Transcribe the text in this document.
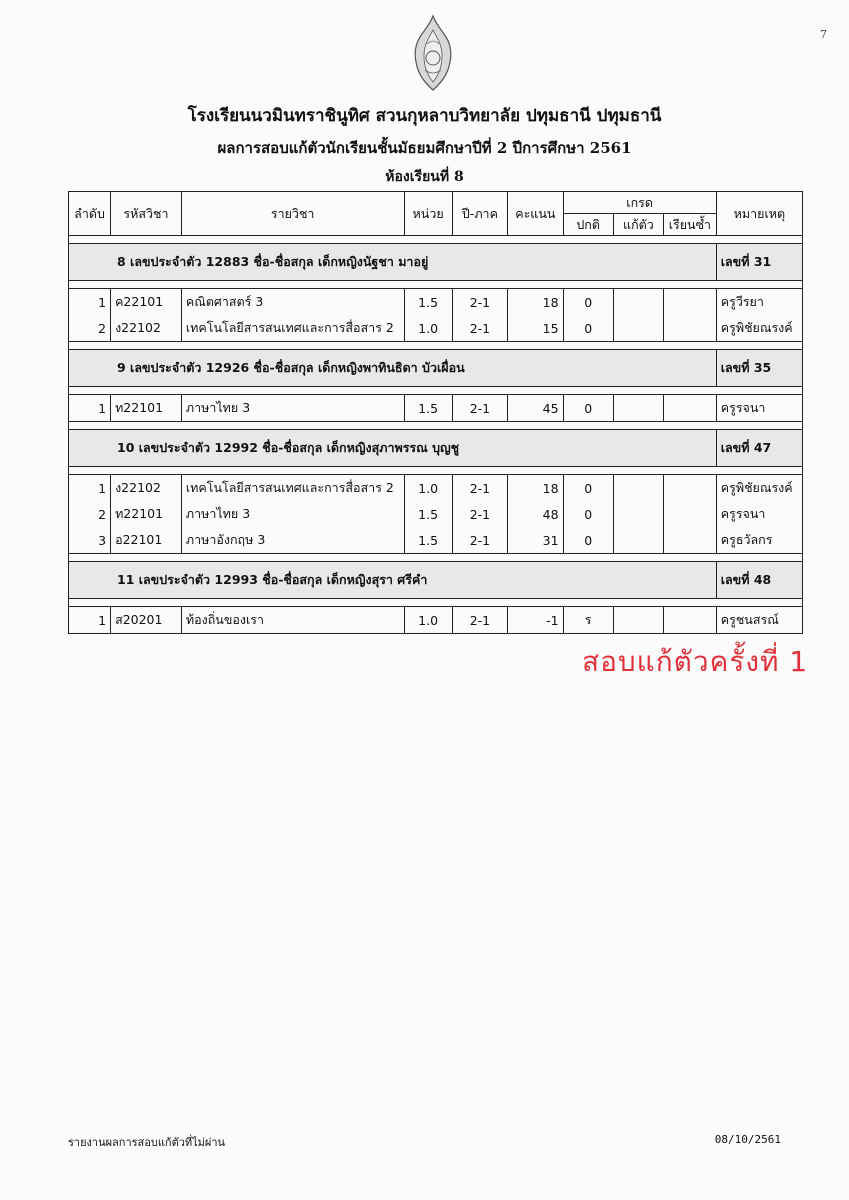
7
โรงเรียนนวมินทราชินูทิศ สวนกุหลาบวิทยาลัย ปทุมธานี ปทุมธานี
ผลการสอบแก้ตัวนักเรียนชั้นมัธยมศึกษาปีที่ 2 ปีการศึกษา 2561
ห้องเรียนที่ 8
ลำดับ	รหัสวิชา	รายวิชา	หน่วย	ปี-ภาค	คะแนน	เกรด			หมายเหตุ
						ปกติ	แก้ตัว	เรียนซ้ำ	

8 เลขประจำตัว 12883 ชื่อ-ชื่อสกุล เด็กหญิงนัฐชา มาอยู่									เลขที่ 31

1	ค22101	คณิตศาสตร์ 3	1.5	2-1	18	0			ครูวีรยา
2	ง22102	เทคโนโลยีสารสนเทศและการสื่อสาร 2	1.0	2-1	15	0			ครูพิชัยณรงค์

9 เลขประจำตัว 12926 ชื่อ-ชื่อสกุล เด็กหญิงพาทินธิดา บัวเผื่อน									เลขที่ 35

1	ท22101	ภาษาไทย 3	1.5	2-1	45	0			ครูรจนา

10 เลขประจำตัว 12992 ชื่อ-ชื่อสกุล เด็กหญิงสุภาพรรณ บุญชู									เลขที่ 47

1	ง22102	เทคโนโลยีสารสนเทศและการสื่อสาร 2	1.0	2-1	18	0			ครูพิชัยณรงค์
2	ท22101	ภาษาไทย 3	1.5	2-1	48	0			ครูรจนา
3	อ22101	ภาษาอังกฤษ 3	1.5	2-1	31	0			ครูธวัลกร

11 เลขประจำตัว 12993 ชื่อ-ชื่อสกุล เด็กหญิงสุรา ศรีคำ									เลขที่ 48

1	ส20201	ท้องถิ่นของเรา	1.0	2-1	-1	ร			ครูชนสรณ์
สอบแก้ตัวครั้งที่ 1
รายงานผลการสอบแก้ตัวที่ไม่ผ่าน	08/10/2561
